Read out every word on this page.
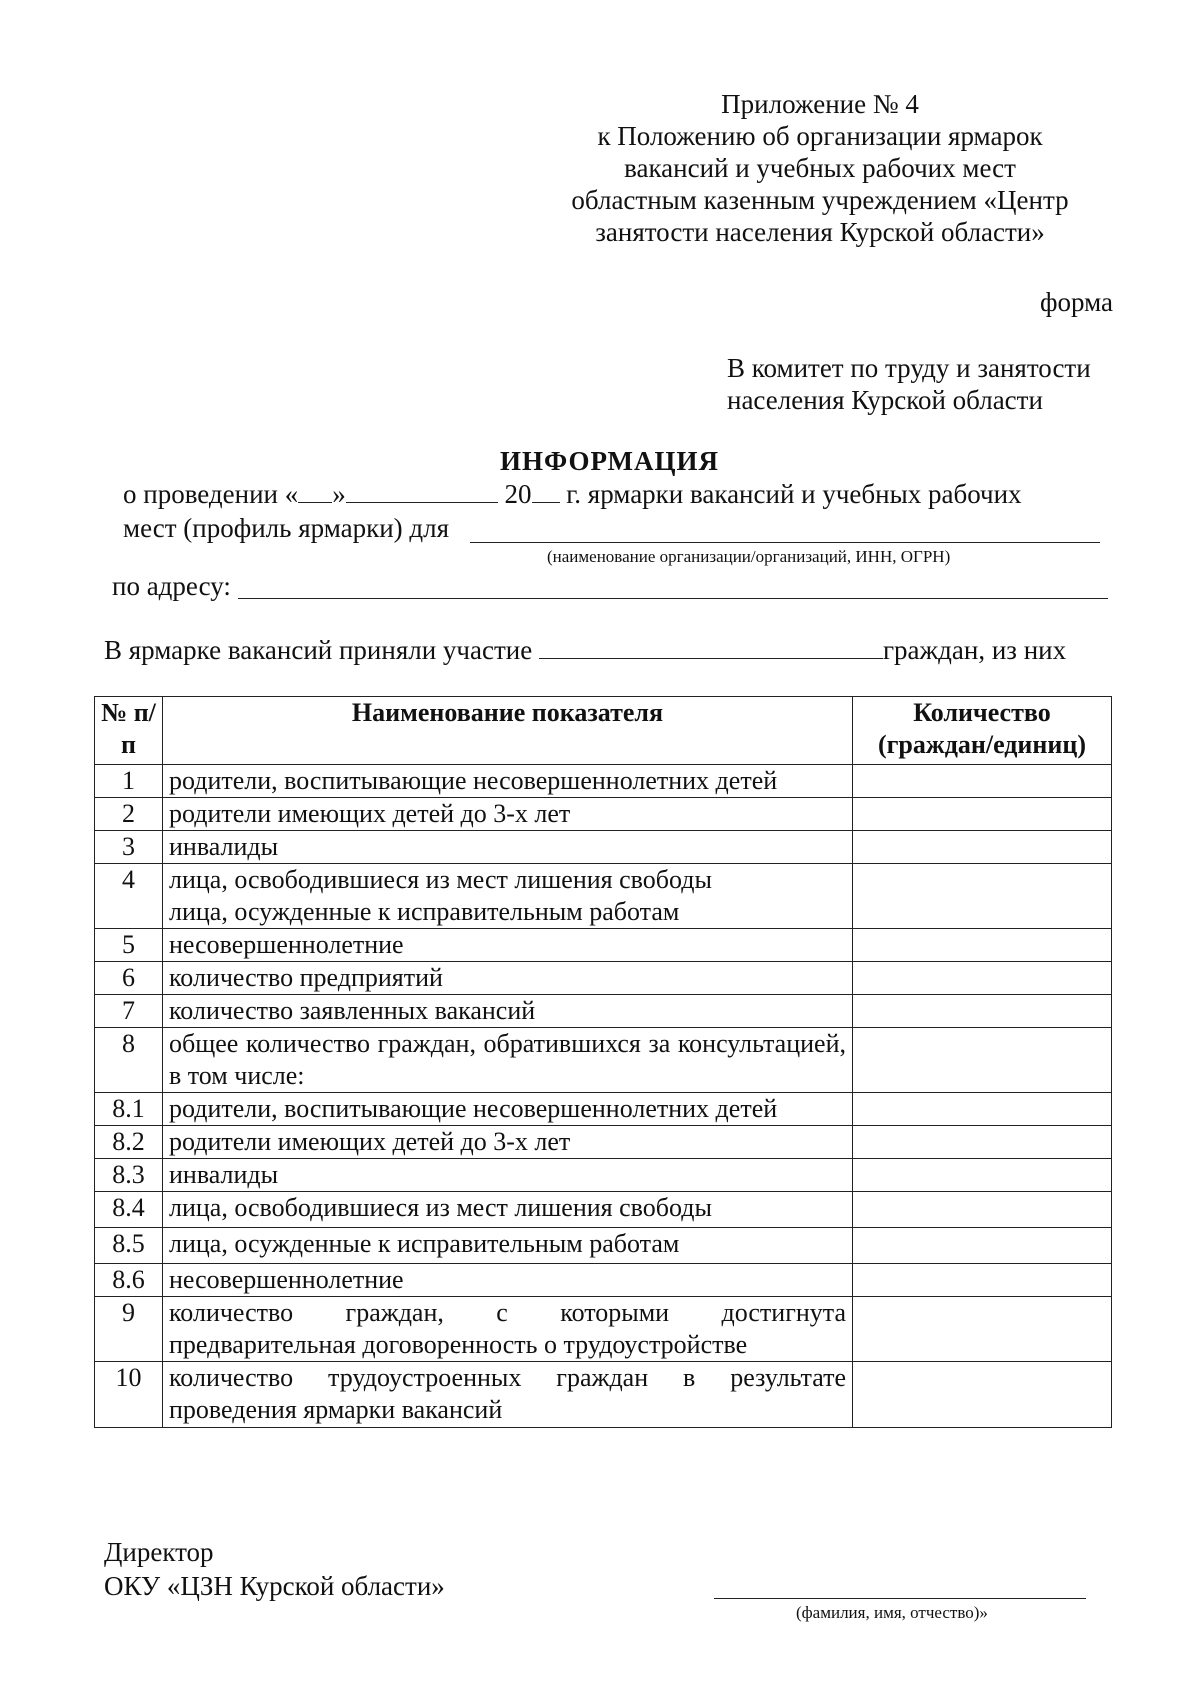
Приложение № 4
к Положению об организации ярмарок
вакансий и учебных рабочих мест
областным казенным учреждением «Центр
занятости населения Курской области»
форма
В комитет по труду и занятости
населения Курской области
ИНФОРМАЦИЯ
о проведении « »	20 г. ярмарки вакансий и учебных рабочих
мест (профиль ярмарки) для
(наименование организации/организаций, ИНН, ОГРН)
по адресу:
В ярмарке вакансий приняли участие	граждан, из них
№ п/п	Наименование показателя	Количество (граждан/единиц)
1	родители, воспитывающие несовершеннолетних детей	
2	родители имеющих детей до 3-х лет	
3	инвалиды	
4	лица, освободившиеся из мест лишения свободы
лица, осужденные к исправительным работам	

5	несовершеннолетние	
6	количество предприятий	
7	количество заявленных вакансий	
8	общее количество граждан, обратившихся за консультацией, в том числе:	
8.1	родители, воспитывающие несовершеннолетних детей	
8.2	родители имеющих детей до 3-х лет	
8.3	инвалиды	
8.4	лица, освободившиеся из мест лишения свободы	
8.5	лица, осужденные к исправительным работам	
8.6	несовершеннолетние	
9	количество граждан, с которыми достигнута предварительная договоренность о трудоустройстве	
10	количество трудоустроенных граждан в результате проведения ярмарки вакансий	
Директор
ОКУ «ЦЗН Курской области»
(фамилия, имя, отчество)»
